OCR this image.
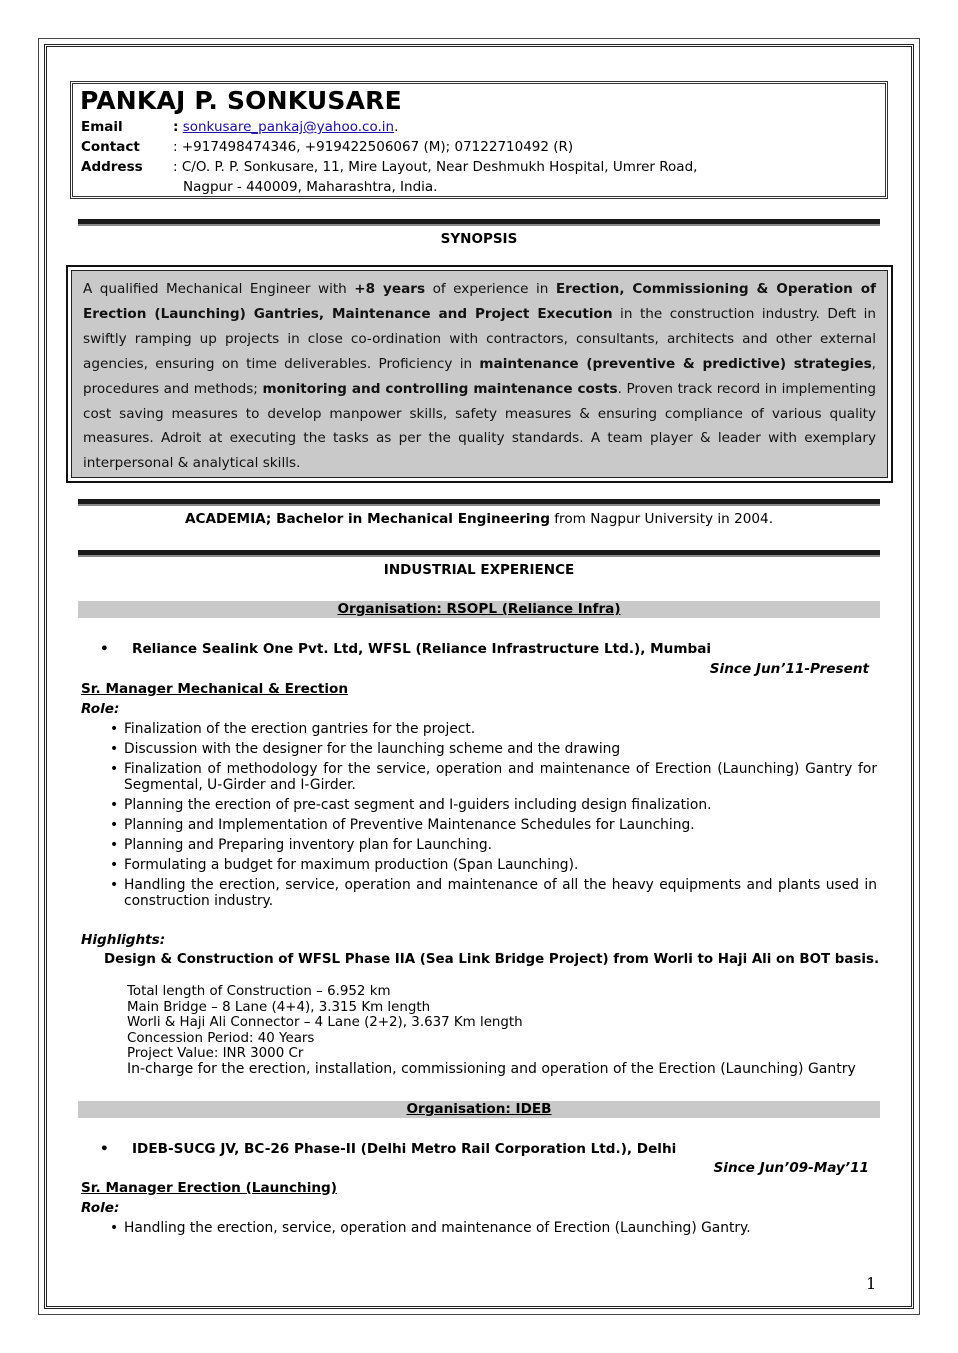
PANKAJ P. SONKUSARE
Email	: sonkusare_pankaj@yahoo.co.in.
Contact	: +917498474346, +919422506067 (M); 07122710492 (R)
Address	: C/O. P. P. Sonkusare, 11, Mire Layout, Near Deshmukh Hospital, Umrer Road,
Nagpur - 440009, Maharashtra, India.
SYNOPSIS
A qualified Mechanical Engineer with +8 years of experience in Erection, Commissioning & Operation of Erection (Launching) Gantries, Maintenance and Project Execution in the construction industry. Deft in swiftly ramping up projects in close co-ordination with contractors, consultants, architects and other external agencies, ensuring on time deliverables. Proficiency in maintenance (preventive & predictive) strategies, procedures and methods; monitoring and controlling maintenance costs. Proven track record in implementing cost saving measures to develop manpower skills, safety measures & ensuring compliance of various quality measures. Adroit at executing the tasks as per the quality standards. A team player & leader with exemplary interpersonal & analytical skills.
ACADEMIA; Bachelor in Mechanical Engineering from Nagpur University in 2004.
INDUSTRIAL EXPERIENCE
Organisation: RSOPL (Reliance Infra)
• Reliance Sealink One Pvt. Ltd, WFSL (Reliance Infrastructure Ltd.), Mumbai
Since Jun’11-Present
Sr. Manager Mechanical & Erection
Role:
• Finalization of the erection gantries for the project.
• Discussion with the designer for the launching scheme and the drawing
• Finalization of methodology for the service, operation and maintenance of Erection (Launching) Gantry for Segmental, U-Girder and I-Girder.
• Planning the erection of pre-cast segment and I-guiders including design finalization.
• Planning and Implementation of Preventive Maintenance Schedules for Launching.
• Planning and Preparing inventory plan for Launching.
• Formulating a budget for maximum production (Span Launching).
• Handling the erection, service, operation and maintenance of all the heavy equipments and plants used in construction industry.
Highlights:
Design & Construction of WFSL Phase IIA (Sea Link Bridge Project) from Worli to Haji Ali on BOT basis.
Total length of Construction – 6.952 km
Main Bridge – 8 Lane (4+4), 3.315 Km length
Worli & Haji Ali Connector – 4 Lane (2+2), 3.637 Km length
Concession Period: 40 Years
Project Value: INR 3000 Cr
In-charge for the erection, installation, commissioning and operation of the Erection (Launching) Gantry
Organisation: IDEB
• IDEB-SUCG JV, BC-26 Phase-II (Delhi Metro Rail Corporation Ltd.), Delhi
Since Jun’09-May’11
Sr. Manager Erection (Launching)
Role:
• Handling the erection, service, operation and maintenance of Erection (Launching) Gantry.
1
